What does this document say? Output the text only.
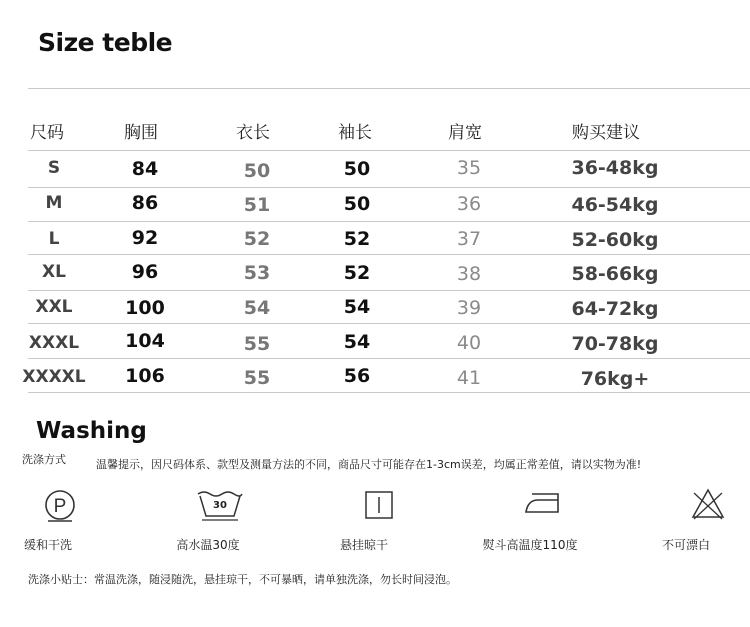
Size teble
尺码	胸围	衣长	袖长	肩宽	购买建议
S	84	50	50	35	36-48kg
M	86	51	50	36	46-54kg
L	92	52	52	37	52-60kg
XL	96	53	52	38	58-66kg
XXL	100	54	54	39	64-72kg
XXXL	104	55	54	40	70-78kg
XXXXL	106	55	56	41	76kg+
Washing
洗涤方式	温馨提示，因尺码体系、款型及测量方法的不同，商品尺寸可能存在1-3cm误差，均属正常差值，请以实物为准!
P	30
缓和干洗	高水温30度	悬挂晾干	熨斗高温度110度	不可漂白
洗涤小贴士：常温洗涤，随浸随洗，悬挂琼干，不可暴晒，请单独洗涤，勿长时间浸泡。
